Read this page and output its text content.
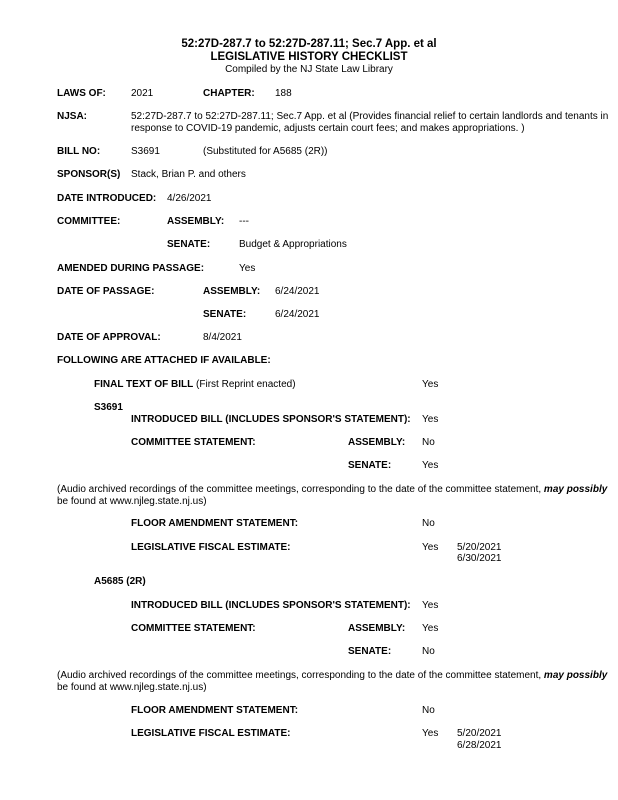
52:27D-287.7 to 52:27D-287.11; Sec.7 App. et al
LEGISLATIVE HISTORY CHECKLIST
Compiled by the NJ State Law Library
LAWS OF:	2021	CHAPTER: 188
NJSA:	52:27D-287.7 to 52:27D-287.11; Sec.7 App. et al (Provides financial relief to certain landlords and tenants in
response to COVID-19 pandemic, adjusts certain court fees; and makes appropriations. )
BILL NO:	S3691	(Substituted for A5685 (2R))
SPONSOR(S) Stack, Brian P. and others
DATE INTRODUCED: 4/26/2021
COMMITTEE:	ASSEMBLY: ---
SENATE:	Budget & Appropriations
AMENDED DURING PASSAGE:	Yes
DATE OF PASSAGE:	ASSEMBLY: 6/24/2021
SENATE:	6/24/2021
DATE OF APPROVAL:	8/4/2021
FOLLOWING ARE ATTACHED IF AVAILABLE:
FINAL TEXT OF BILL (First Reprint enacted)	Yes
S3691
INTRODUCED BILL (INCLUDES SPONSOR'S STATEMENT): Yes
COMMITTEE STATEMENT:	ASSEMBLY: No
SENATE:	Yes
(Audio archived recordings of the committee meetings, corresponding to the date of the committee statement, may possibly
be found at www.njleg.state.nj.us)
FLOOR AMENDMENT STATEMENT:	No
LEGISLATIVE FISCAL ESTIMATE:	Yes 5/20/2021
6/30/2021
A5685 (2R)
INTRODUCED BILL (INCLUDES SPONSOR'S STATEMENT): Yes
COMMITTEE STATEMENT:	ASSEMBLY: Yes
SENATE:	No
(Audio archived recordings of the committee meetings, corresponding to the date of the committee statement, may possibly
be found at www.njleg.state.nj.us)
FLOOR AMENDMENT STATEMENT:	No
LEGISLATIVE FISCAL ESTIMATE:	Yes 5/20/2021
6/28/2021
